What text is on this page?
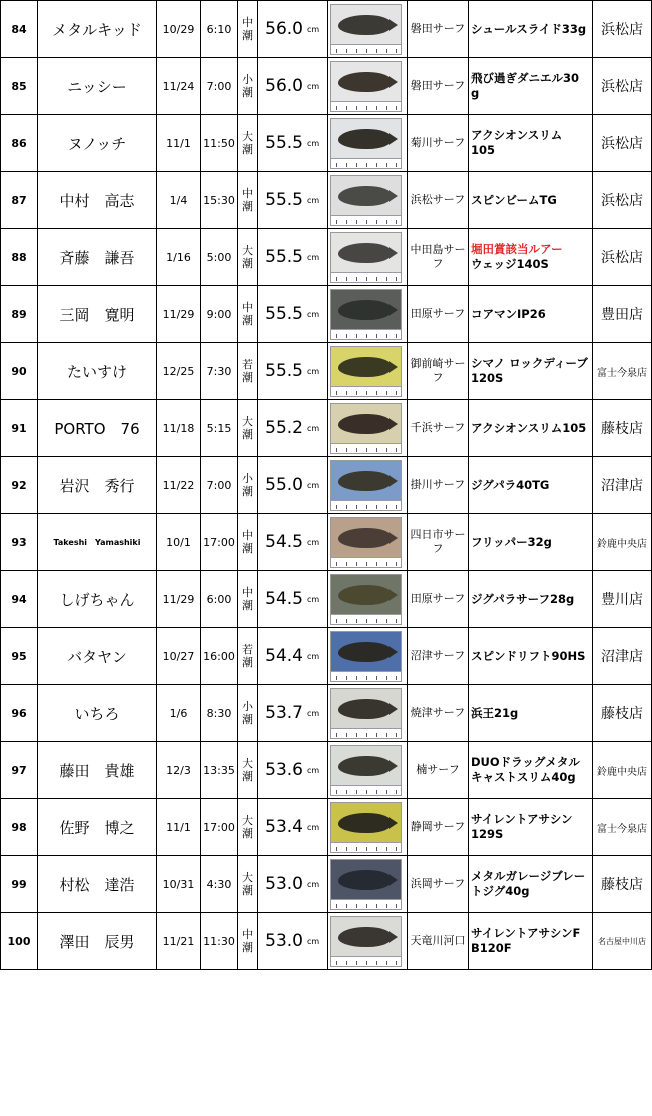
84	メタルキッド	10/29	6:10	中
潮	56.0	cm		磐田サーフ	シュールスライド33g	浜松店
85	ニッシー	11/24	7:00	小
潮	56.0	cm		磐田サーフ	飛び過ぎダニエル30
g	浜松店
86	ヌノッチ	11/1	11:50	大
潮	55.5	cm		菊川サーフ	アクシオンスリム
105	浜松店
87	中村　高志	1/4	15:30	中
潮	55.5	cm		浜松サーフ	スピンビームTG	浜松店
88	斉藤　謙吾	1/16	5:00	大
潮	55.5	cm		中田島サー
フ	堀田賞該当ルアー
ウェッジ140S	浜松店
89	三岡　寛明	11/29	9:00	中
潮	55.5	cm		田原サーフ	コアマンIP26	豊田店
90	たいすけ	12/25	7:30	若
潮	55.5	cm		御前崎サー
フ	シマノ ロックディーブ
120S	富士今泉店
91	PORTO　76	11/18	5:15	大
潮	55.2	cm		千浜サーフ	アクシオンスリム105	藤枝店
92	岩沢　秀行	11/22	7:00	小
潮	55.0	cm		掛川サーフ	ジグパラ40TG	沼津店
93	Takeshi　Yamashiki	10/1	17:00	中
潮	54.5	cm		四日市サー
フ	フリッパー32g	鈴鹿中央店
94	しげちゃん	11/29	6:00	中
潮	54.5	cm		田原サーフ	ジグパラサーフ28g	豊川店
95	バタヤン	10/27	16:00	若
潮	54.4	cm		沼津サーフ	スピンドリフト90HS	沼津店
96	いちろ	1/6	8:30	小
潮	53.7	cm		焼津サーフ	浜王21g	藤枝店
97	藤田　貴雄	12/3	13:35	大
潮	53.6	cm		楠サーフ	DUOドラッグメタル
キャストスリム40g	鈴鹿中央店
98	佐野　博之	11/1	17:00	大
潮	53.4	cm		静岡サーフ	サイレントアサシン
129S	富士今泉店
99	村松　達浩	10/31	4:30	大
潮	53.0	cm		浜岡サーフ	メタルガレージブレー
トジグ40g	藤枝店
100	澤田　辰男	11/21	11:30	中
潮	53.0	cm		天竜川河口	サイレントアサシンF
B120F	名古屋中川店
